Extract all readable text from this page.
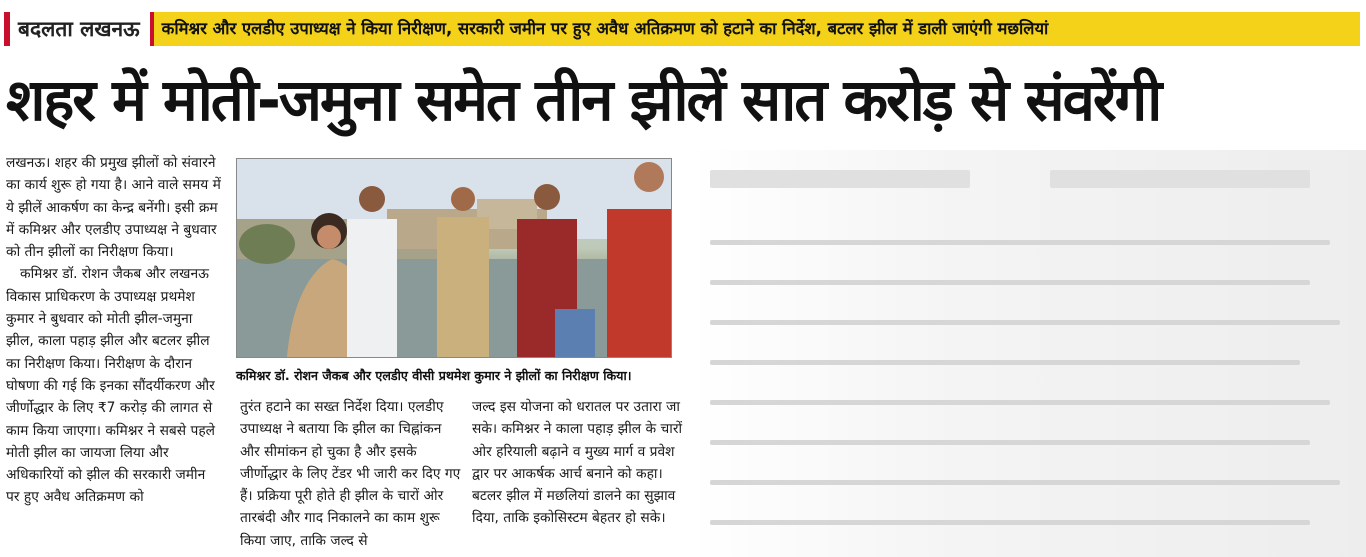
बदलता लखनऊ	कमिश्नर और एलडीए उपाध्यक्ष ने किया निरीक्षण, सरकारी जमीन पर हुए अवैध अतिक्रमण को हटाने का निर्देश, बटलर झील में डाली जाएंगी मछलियां
शहर में मोती-जमुना समेत तीन झीलें सात करोड़ से संवरेंगी

लखनऊ। शहर की प्रमुख झीलों को संवारने का कार्य शुरू हो गया है। आने वाले समय में ये झीलें आकर्षण का केन्द्र बनेंगी। इसी क्रम में कमिश्नर और एलडीए उपाध्यक्ष ने बुधवार को तीन झीलों का निरीक्षण किया।

कमिश्नर डॉ. रोशन जैकब और लखनऊ विकास प्राधिकरण के उपाध्यक्ष प्रथमेश कुमार ने बुधवार को मोती झील-जमुना झील, काला पहाड़ झील और बटलर झील का निरीक्षण किया। निरीक्षण के दौरान घोषणा की गई कि इनका सौंदर्यीकरण और जीर्णोद्धार के लिए ₹7 करोड़ की लागत से काम किया जाएगा। कमिश्नर ने सबसे पहले मोती झील का जायजा लिया और अधिकारियों को झील की सरकारी जमीन पर हुए अवैध अतिक्रमण को

कमिश्नर डॉ. रोशन जैकब और एलडीए वीसी प्रथमेश कुमार ने झीलों का निरीक्षण किया।

तुरंत हटाने का सख्त निर्देश दिया। एलडीए उपाध्यक्ष ने बताया कि झील का चिह्नांकन और सीमांकन हो चुका है और इसके जीर्णोद्धार के लिए टेंडर भी जारी कर दिए गए हैं। प्रक्रिया पूरी होते ही झील के चारों ओर तारबंदी और गाद निकालने का काम शुरू किया जाए, ताकि जल्द से

जल्द इस योजना को धरातल पर उतारा जा सके। कमिश्नर ने काला पहाड़ झील के चारों ओर हरियाली बढ़ाने व मुख्य मार्ग व प्रवेश द्वार पर आकर्षक आर्च बनाने को कहा। बटलर झील में मछलियां डालने का सुझाव दिया, ताकि इकोसिस्टम बेहतर हो सके।
